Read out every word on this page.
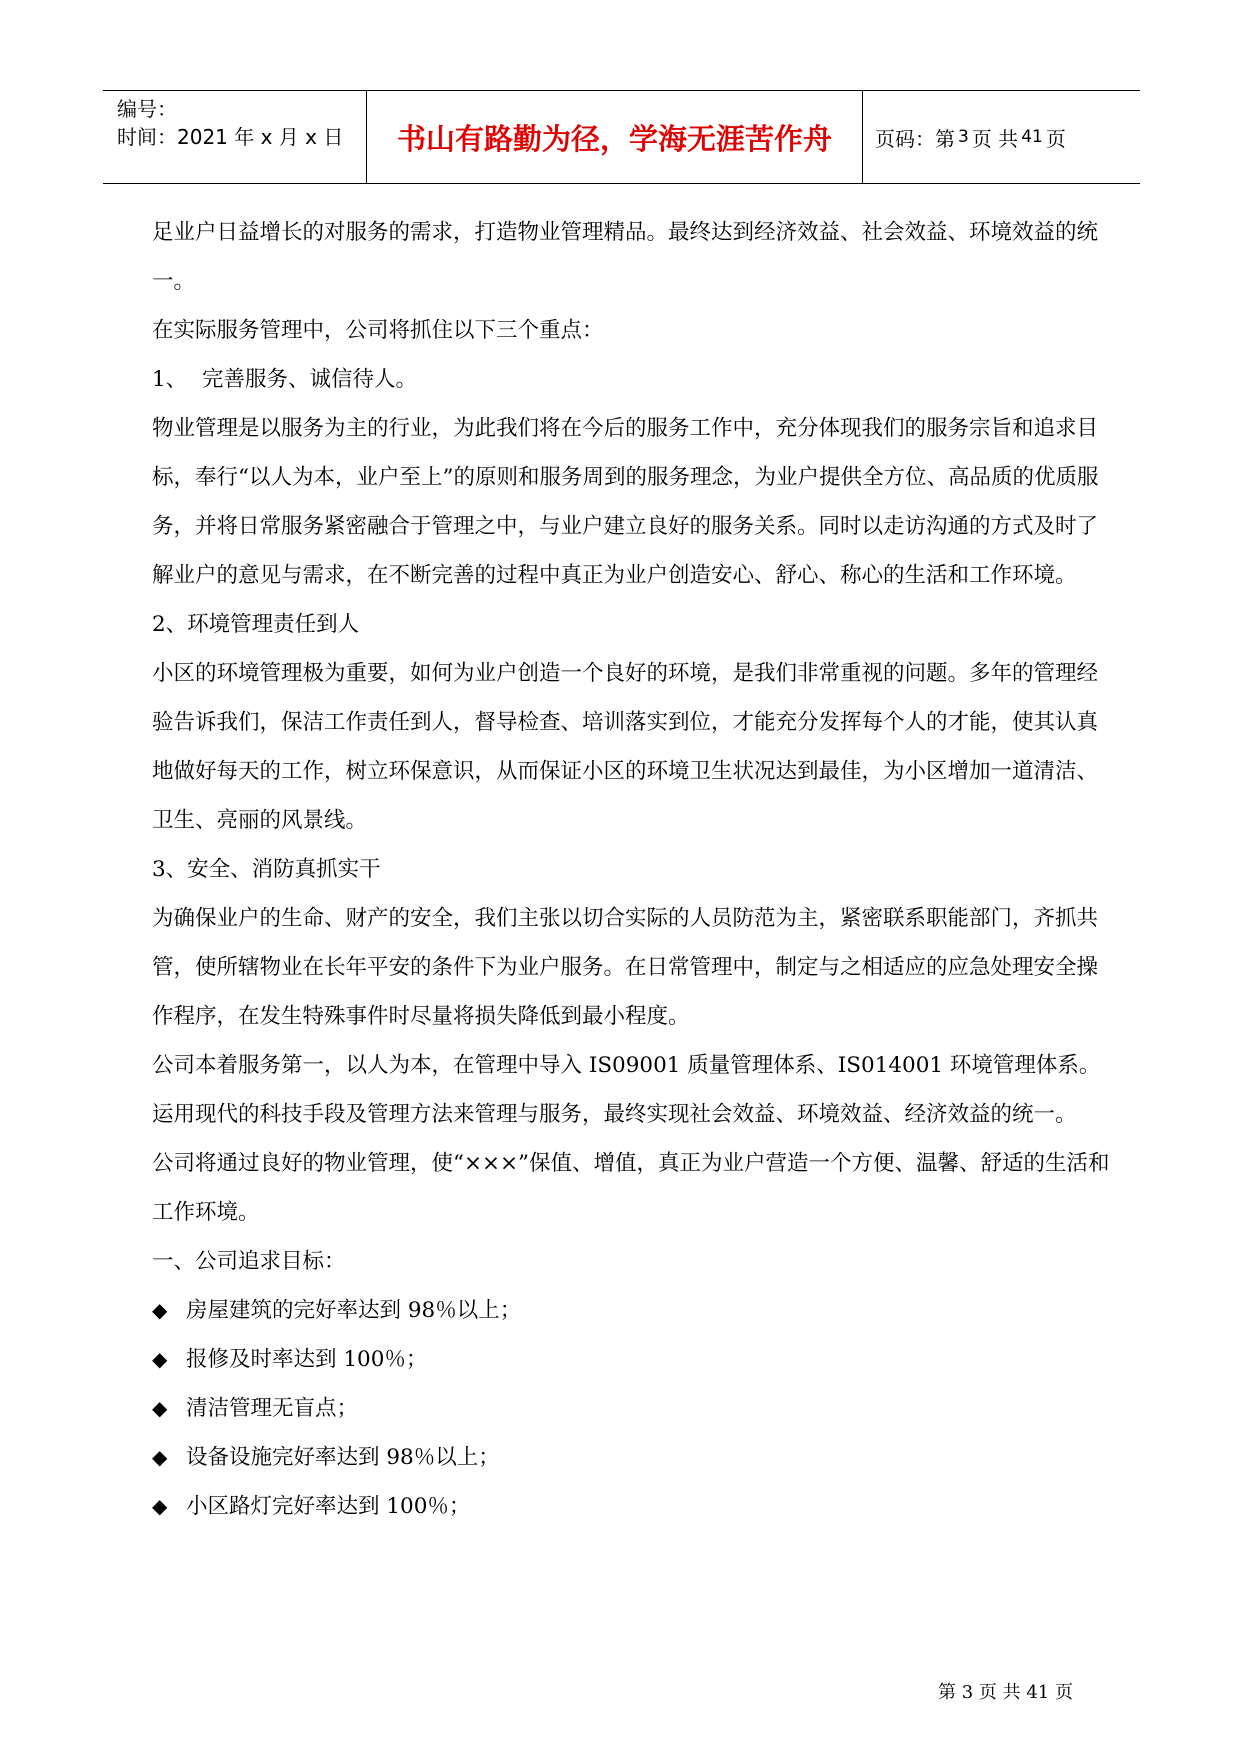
编号：
时间：2021 年 x 月 x 日	书山有路勤为径，学海无涯苦作舟	页码：第 3 页 共 41 页

足业户日益增长的对服务的需求，打造物业管理精品。最终达到经济效益、社会效益、环境效益的统一。

在实际服务管理中，公司将抓住以下三个重点：

1、 完善服务、诚信待人。

物业管理是以服务为主的行业，为此我们将在今后的服务工作中，充分体现我们的服务宗旨和追求目标，奉行“以人为本，业户至上”的原则和服务周到的服务理念，为业户提供全方位、高品质的优质服务，并将日常服务紧密融合于管理之中，与业户建立良好的服务关系。同时以走访沟通的方式及时了解业户的意见与需求，在不断完善的过程中真正为业户创造安心、舒心、称心的生活和工作环境。

2、环境管理责任到人

小区的环境管理极为重要，如何为业户创造一个良好的环境，是我们非常重视的问题。多年的管理经验告诉我们，保洁工作责任到人，督导检查、培训落实到位，才能充分发挥每个人的才能，使其认真地做好每天的工作，树立环保意识，从而保证小区的环境卫生状况达到最佳，为小区增加一道清洁、卫生、亮丽的风景线。

3、安全、消防真抓实干

为确保业户的生命、财产的安全，我们主张以切合实际的人员防范为主，紧密联系职能部门，齐抓共管，使所辖物业在长年平安的条件下为业户服务。在日常管理中，制定与之相适应的应急处理安全操作程序，在发生特殊事件时尽量将损失降低到最小程度。

公司本着服务第一，以人为本，在管理中导入 IS09001 质量管理体系、IS014001 环境管理体系。运用现代的科技手段及管理方法来管理与服务，最终实现社会效益、环境效益、经济效益的统一。

公司将通过良好的物业管理，使“×××”保值、增值，真正为业户营造一个方便、温馨、舒适的生活和工作环境。

一、公司追求目标：

◆ 房屋建筑的完好率达到 98％以上；
◆ 报修及时率达到 100％；
◆ 清洁管理无盲点；
◆ 设备设施完好率达到 98％以上；
◆ 小区路灯完好率达到 100％；
第 3 页 共 41 页
